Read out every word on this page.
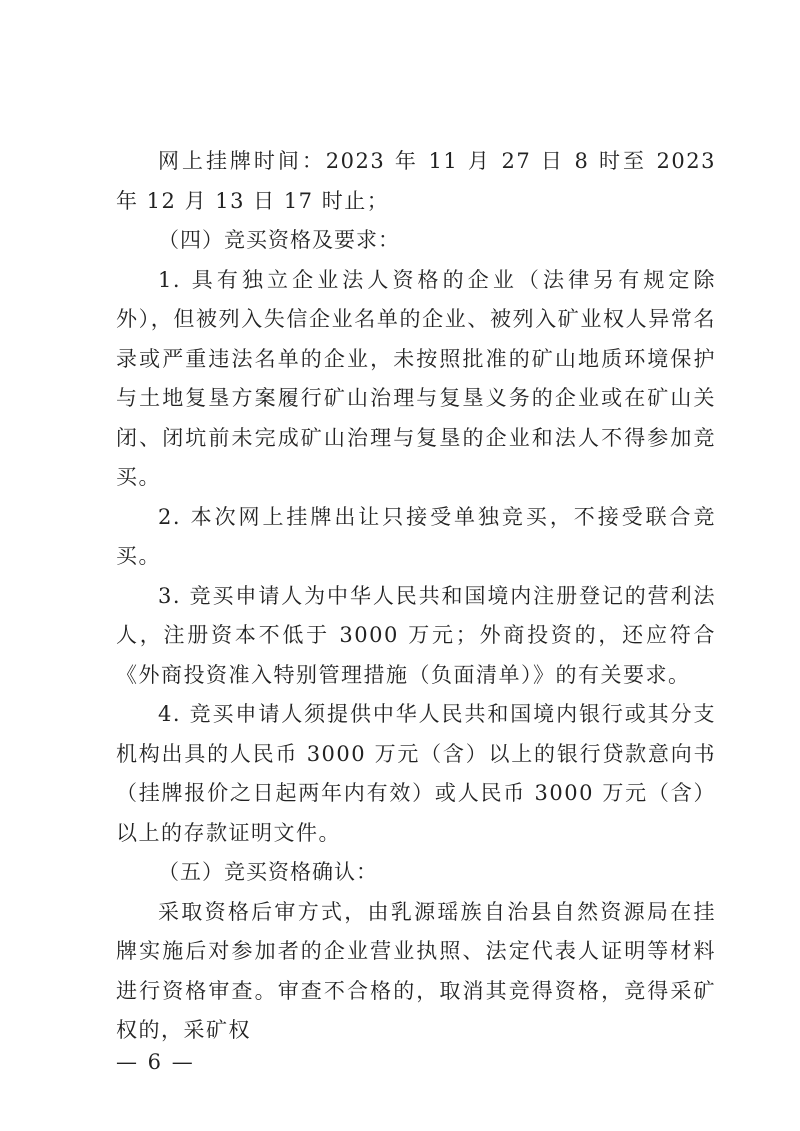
网上挂牌时间：2023 年 11 月 27 日 8 时至 2023 年 12 月 13 日 17 时止；

（四）竞买资格及要求：

1. 具有独立企业法人资格的企业（法律另有规定除外），但被列入失信企业名单的企业、被列入矿业权人异常名录或严重违法名单的企业，未按照批准的矿山地质环境保护与土地复垦方案履行矿山治理与复垦义务的企业或在矿山关闭、闭坑前未完成矿山治理与复垦的企业和法人不得参加竞买。

2. 本次网上挂牌出让只接受单独竞买，不接受联合竞买。

3. 竞买申请人为中华人民共和国境内注册登记的营利法人，注册资本不低于 3000 万元；外商投资的，还应符合《外商投资准入特别管理措施（负面清单）》的有关要求。

4. 竞买申请人须提供中华人民共和国境内银行或其分支机构出具的人民币 3000 万元（含）以上的银行贷款意向书（挂牌报价之日起两年内有效）或人民币 3000 万元（含）以上的存款证明文件。

（五）竞买资格确认：

采取资格后审方式，由乳源瑶族自治县自然资源局在挂牌实施后对参加者的企业营业执照、法定代表人证明等材料进行资格审查。审查不合格的，取消其竞得资格，竞得采矿权的，采矿权

— 6 —
